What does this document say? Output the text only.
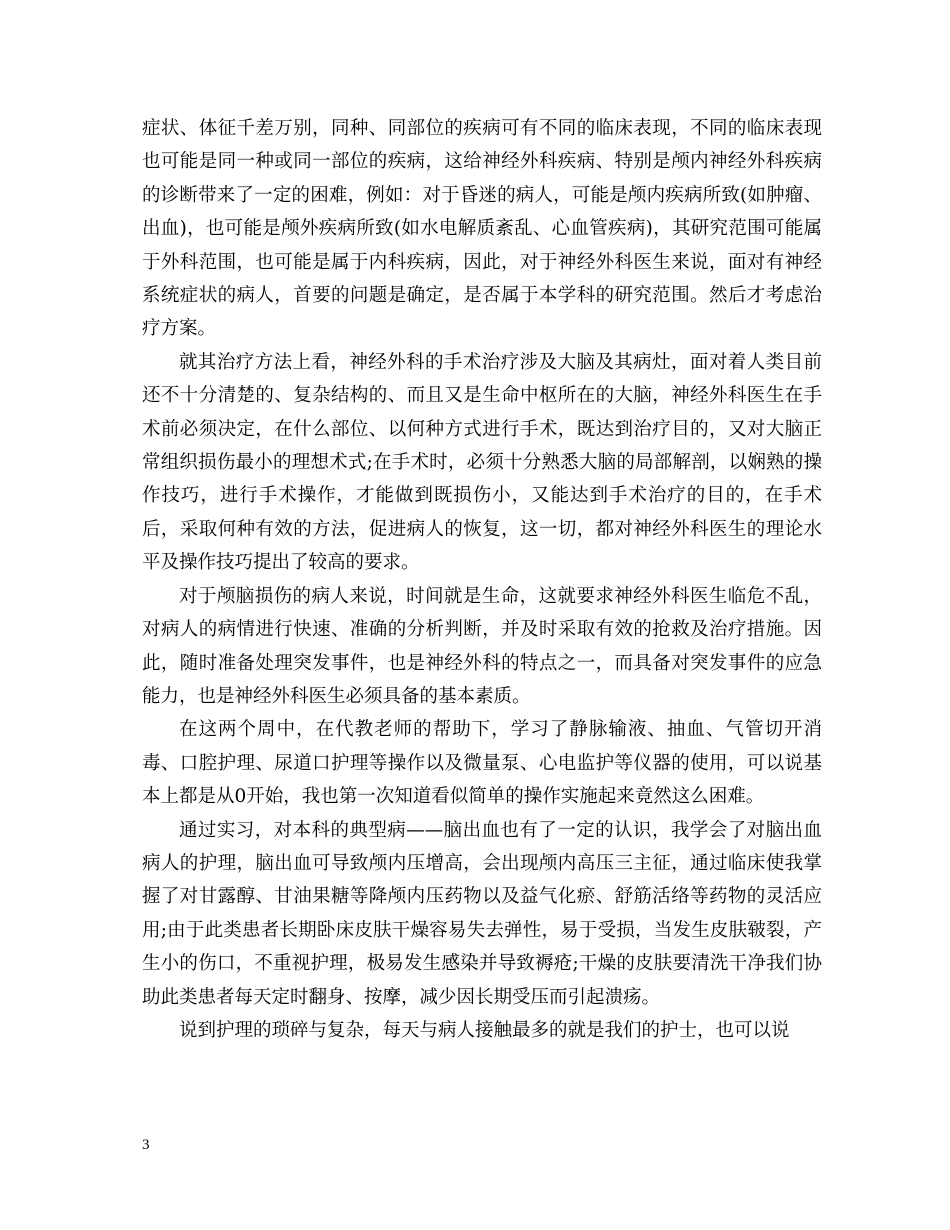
症状、体征千差万别，同种、同部位的疾病可有不同的临床表现，不同的临床表现也可能是同一种或同一部位的疾病，这给神经外科疾病、特别是颅内神经外科疾病的诊断带来了一定的困难，例如：对于昏迷的病人，可能是颅内疾病所致(如肿瘤、出血)，也可能是颅外疾病所致(如水电解质紊乱、心血管疾病)，其研究范围可能属于外科范围，也可能是属于内科疾病，因此，对于神经外科医生来说，面对有神经系统症状的病人，首要的问题是确定，是否属于本学科的研究范围。然后才考虑治疗方案。

就其治疗方法上看，神经外科的手术治疗涉及大脑及其病灶，面对着人类目前还不十分清楚的、复杂结构的、而且又是生命中枢所在的大脑，神经外科医生在手术前必须决定，在什么部位、以何种方式进行手术，既达到治疗目的，又对大脑正常组织损伤最小的理想术式;在手术时，必须十分熟悉大脑的局部解剖，以娴熟的操作技巧，进行手术操作，才能做到既损伤小，又能达到手术治疗的目的，在手术后，采取何种有效的方法，促进病人的恢复，这一切，都对神经外科医生的理论水平及操作技巧提出了较高的要求。

对于颅脑损伤的病人来说，时间就是生命，这就要求神经外科医生临危不乱，对病人的病情进行快速、准确的分析判断，并及时采取有效的抢救及治疗措施。因此，随时准备处理突发事件，也是神经外科的特点之一，而具备对突发事件的应急能力，也是神经外科医生必须具备的基本素质。

在这两个周中，在代教老师的帮助下，学习了静脉输液、抽血、气管切开消毒、口腔护理、尿道口护理等操作以及微量泵、心电监护等仪器的使用，可以说基本上都是从0开始，我也第一次知道看似简单的操作实施起来竟然这么困难。

通过实习，对本科的典型病——脑出血也有了一定的认识，我学会了对脑出血病人的护理，脑出血可导致颅内压增高，会出现颅内高压三主征，通过临床使我掌握了对甘露醇、甘油果糖等降颅内压药物以及益气化瘀、舒筋活络等药物的灵活应用;由于此类患者长期卧床皮肤干燥容易失去弹性，易于受损，当发生皮肤皲裂，产生小的伤口，不重视护理，极易发生感染并导致褥疮;干燥的皮肤要清洗干净我们协助此类患者每天定时翻身、按摩，减少因长期受压而引起溃疡。

说到护理的琐碎与复杂，每天与病人接触最多的就是我们的护士，也可以说

3
